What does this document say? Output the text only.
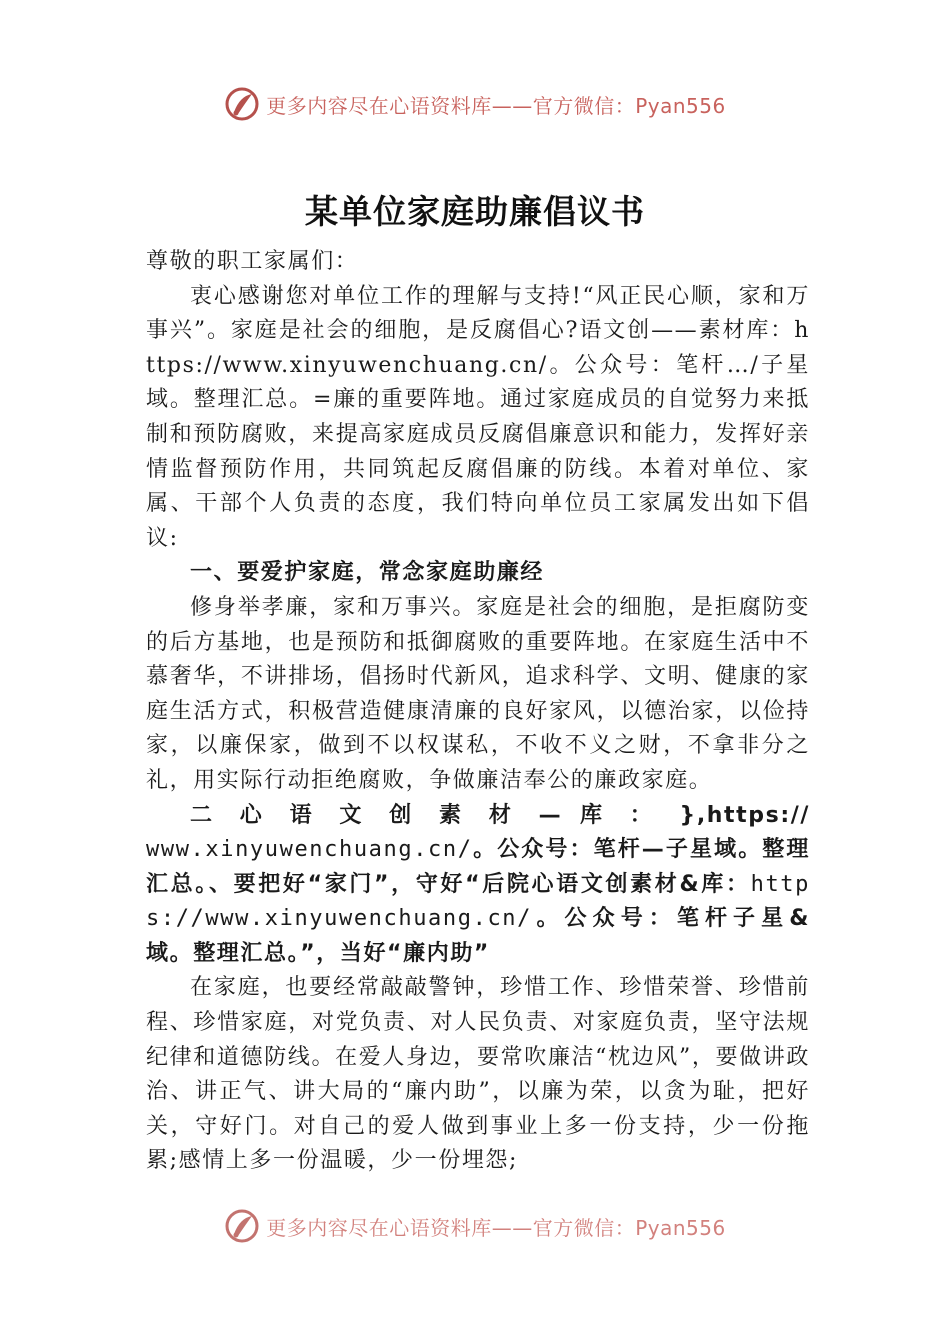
更多内容尽在心语资料库——官方微信：Pyan556
某单位家庭助廉倡议书

尊敬的职工家属们：

衷心感谢您对单位工作的理解与支持!“风正民心顺，家和万事兴”。家庭是社会的细胞，是反腐倡心?语文创——素材库：https://www.xinyuwenchuang.cn/。公众号：笔杆…/子星域。整理汇总。=廉的重要阵地。通过家庭成员的自觉努力来抵制和预防腐败，来提高家庭成员反腐倡廉意识和能力，发挥好亲情监督预防作用，共同筑起反腐倡廉的防线。本着对单位、家属、干部个人负责的态度，我们特向单位员工家属发出如下倡议:

一、要爱护家庭，常念家庭助廉经

修身举孝廉，家和万事兴。家庭是社会的细胞，是拒腐防变的后方基地，也是预防和抵御腐败的重要阵地。在家庭生活中不慕奢华，不讲排场，倡扬时代新风，追求科学、文明、健康的家庭生活方式，积极营造健康清廉的良好家风，以德治家，以俭持家，以廉保家，做到不以权谋私，不收不义之财，不拿非分之礼，用实际行动拒绝腐败，争做廉洁奉公的廉政家庭。

二 心 语 文 创 素 材 — 库 ： },https://
www.xinyuwenchuang.cn/。公众号：笔杆—子星域。整理汇总。、要把好“家门”，守好“后院心语文创素材&库：https://www.xinyuwenchuang.cn/。公众号：笔杆子星&域。整理汇总。”，当好“廉内助”

在家庭，也要经常敲敲警钟，珍惜工作、珍惜荣誉、珍惜前程、珍惜家庭，对党负责、对人民负责、对家庭负责，坚守法规纪律和道德防线。在爱人身边，要常吹廉洁“枕边风”，要做讲政治、讲正气、讲大局的“廉内助”，以廉为荣，以贪为耻，把好关，守好门。对自己的爱人做到事业上多一份支持，少一份拖累;感情上多一份温暖，少一份埋怨;

更多内容尽在心语资料库——官方微信：Pyan556
